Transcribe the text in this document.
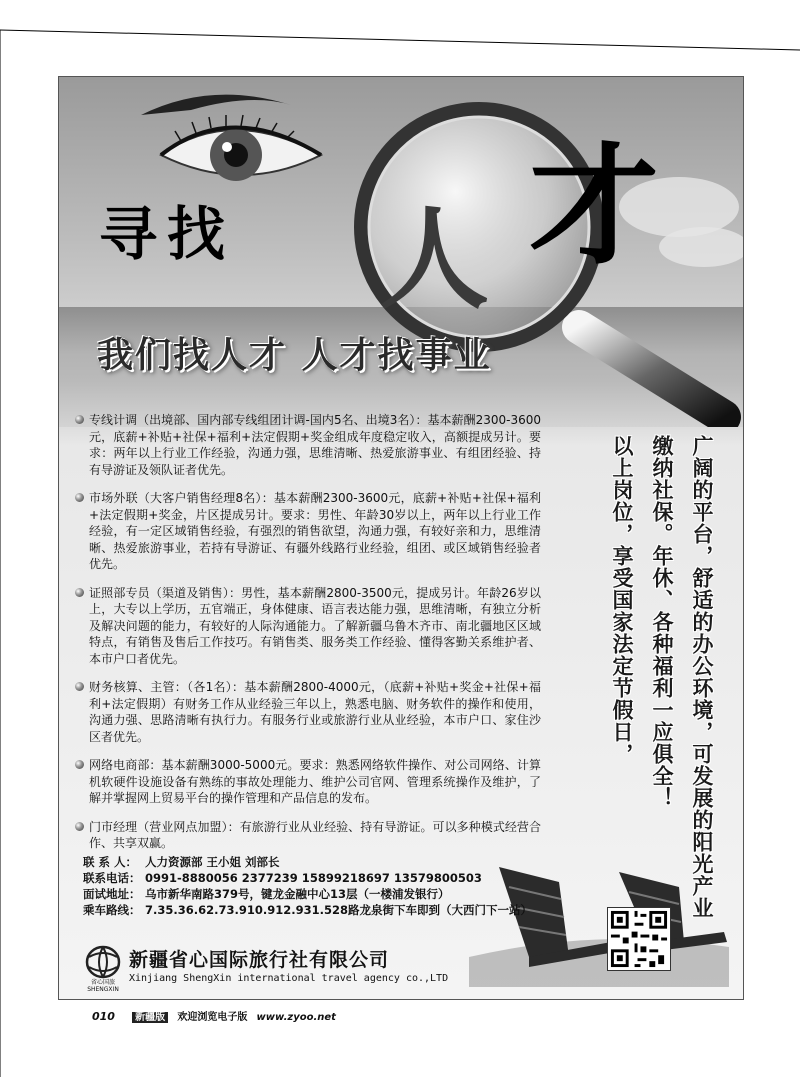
寻 找 人 才
我们找人才 人才找事业
专线计调（出境部、国内部专线组团计调-国内5名、出境3名）：基本薪酬2300-3600元，底薪+补贴+社保+福利+法定假期+奖金组成年度稳定收入，高额提成另计。要求：两年以上行业工作经验，沟通力强，思维清晰、热爱旅游事业、有组团经验、持有导游证及领队证者优先。
市场外联（大客户销售经理8名）：基本薪酬2300-3600元，底薪+补贴+社保+福利+法定假期+奖金，片区提成另计。要求：男性、年龄30岁以上，两年以上行业工作经验，有一定区域销售经验，有强烈的销售欲望，沟通力强，有较好亲和力，思维清晰、热爱旅游事业，若持有导游证、有疆外线路行业经验，组团、或区域销售经验者优先。
证照部专员（渠道及销售）：男性，基本薪酬2800-3500元，提成另计。年龄26岁以上，大专以上学历，五官端正，身体健康、语言表达能力强，思维清晰，有独立分析及解决问题的能力，有较好的人际沟通能力。了解新疆乌鲁木齐市、南北疆地区区域特点，有销售及售后工作技巧。有销售类、服务类工作经验、懂得客勤关系维护者、本市户口者优先。
财务核算、主管：（各1名）：基本薪酬2800-4000元，（底薪+补贴+奖金+社保+福利+法定假期）有财务工作从业经验三年以上，熟悉电脑、财务软件的操作和使用，沟通力强、思路清晰有执行力。有服务行业或旅游行业从业经验，本市户口、家住沙区者优先。
网络电商部：基本薪酬3000-5000元。要求：熟悉网络软件操作、对公司网络、计算机软硬件设施设备有熟练的事故处理能力、维护公司官网、管理系统操作及维护，了解并掌握网上贸易平台的操作管理和产品信息的发布。
门市经理（营业网点加盟）：有旅游行业从业经验、持有导游证。可以多种模式经营合作、共享双赢。	广阔的平台，舒适的办公环境，可发展的阳光产业
缴纳社保。年休、各种福利一应俱全！
以上岗位，享受国家法定节假日，
联 系 人： 人力资源部 王小姐 刘部长
联系电话： 0991-8880056 2377239 15899218697 13579800503
面试地址： 乌市新华南路379号，键龙金融中心13层（一楼浦发银行）
乘车路线： 7.35.36.62.73.910.912.931.528路龙泉街下车即到（大西门下一站）
省心国旅
SHENGXIN
新疆省心国际旅行社有限公司
Xinjiang ShengXin international travel agency co.,LTD
010 新疆版 欢迎浏览电子版 www.zyoo.net
